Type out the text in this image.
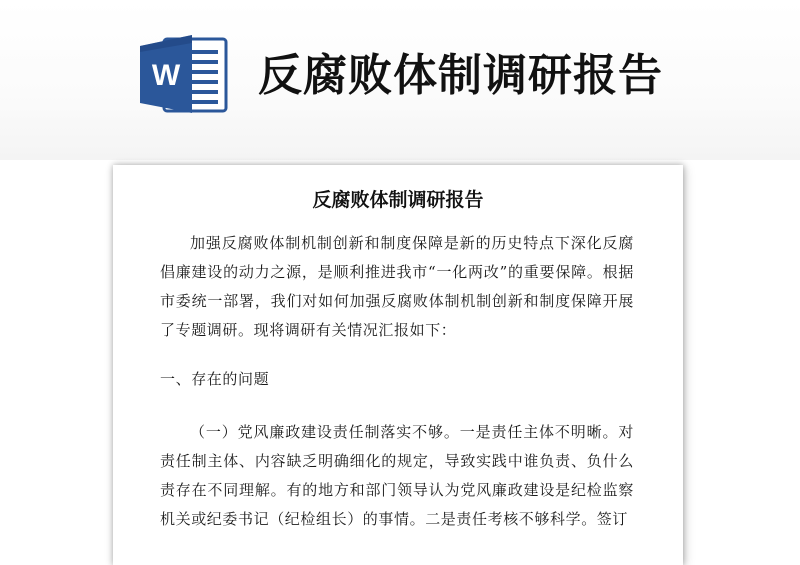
W 反腐败体制调研报告
反腐败体制调研报告
加强反腐败体制机制创新和制度保障是新的历史特点下深化反腐倡廉建设的动力之源，是顺利推进我市“一化两改”的重要保障。根据市委统一部署，我们对如何加强反腐败体制机制创新和制度保障开展了专题调研。现将调研有关情况汇报如下：
一、存在的问题
（一）党风廉政建设责任制落实不够。一是责任主体不明晰。对责任制主体、内容缺乏明确细化的规定，导致实践中谁负责、负什么责存在不同理解。有的地方和部门领导认为党风廉政建设是纪检监察机关或纪委书记（纪检组长）的事情。二是责任考核不够科学。签订
